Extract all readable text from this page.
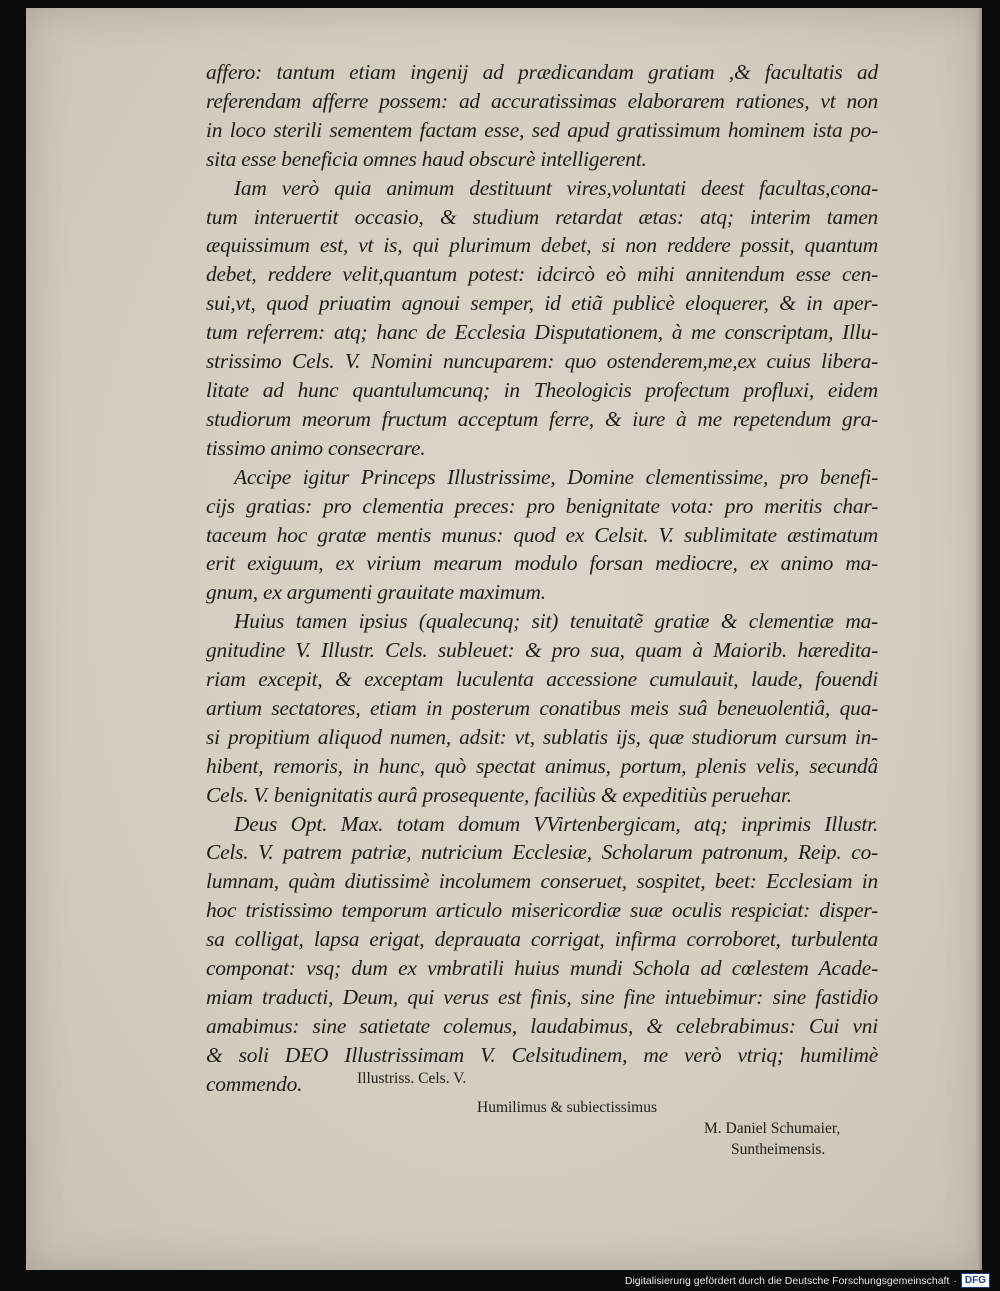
affero: tantum etiam ingenij ad prædicandam gratiam ,& facultatis ad
referendam afferre possem: ad accuratissimas elaborarem rationes, vt non
in loco sterili sementem factam esse, sed apud gratissimum hominem ista po-
sita esse beneficia omnes haud obscurè intelligerent.
Iam verò quia animum destituunt vires,voluntati deest facultas,cona-
tum interuertit occasio, & studium retardat ætas: atq; interim tamen
æquissimum est, vt is, qui plurimum debet, si non reddere possit, quantum
debet, reddere velit,quantum potest: idcircò eò mihi annitendum esse cen-
sui,vt, quod priuatim agnoui semper, id etiã publicè eloquerer, & in aper-
tum referrem: atq; hanc de Ecclesia Disputationem, à me conscriptam, Illu-
strissimo Cels. V. Nomini nuncuparem: quo ostenderem,me,ex cuius libera-
litate ad hunc quantulumcunq; in Theologicis profectum profluxi, eidem
studiorum meorum fructum acceptum ferre, & iure à me repetendum gra-
tissimo animo consecrare.
Accipe igitur Princeps Illustrissime, Domine clementissime, pro benefi-
cijs gratias: pro clementia preces: pro benignitate vota: pro meritis char-
taceum hoc gratæ mentis munus: quod ex Celsit. V. sublimitate æstimatum
erit exiguum, ex virium mearum modulo forsan mediocre, ex animo ma-
gnum, ex argumenti grauitate maximum.
Huius tamen ipsius (qualecunq; sit) tenuitatẽ gratiæ & clementiæ ma-
gnitudine V. Illustr. Cels. subleuet: & pro sua, quam à Maiorib. hæredita-
riam excepit, & exceptam luculenta accessione cumulauit, laude, fouendi
artium sectatores, etiam in posterum conatibus meis suâ beneuolentiâ, qua-
si propitium aliquod numen, adsit: vt, sublatis ijs, quæ studiorum cursum in-
hibent, remoris, in hunc, quò spectat animus, portum, plenis velis, secundâ
Cels. V. benignitatis aurâ prosequente, faciliùs & expeditiùs peruehar.
Deus Opt. Max. totam domum VVirtenbergicam, atq; inprimis Illustr.
Cels. V. patrem patriæ, nutricium Ecclesiæ, Scholarum patronum, Reip. co-
lumnam, quàm diutissimè incolumem conseruet, sospitet, beet: Ecclesiam in
hoc tristissimo temporum articulo misericordiæ suæ oculis respiciat: disper-
sa colligat, lapsa erigat, deprauata corrigat, infirma corroboret, turbulenta
componat: vsq; dum ex vmbratili huius mundi Schola ad cœlestem Acade-
miam traducti, Deum, qui verus est finis, sine fine intuebimur: sine fastidio
amabimus: sine satietate colemus, laudabimus, & celebrabimus: Cui vni
& soli DEO Illustrissimam V. Celsitudinem, me verò vtriq; humilimè
commendo.	Illustriss. Cels. V.
Humilimus & subiectissimus
M. Daniel Schumaier,
Suntheimensis.
Digitalisierung gefördert durch die Deutsche Forschungsgemeinschaft · DFG
